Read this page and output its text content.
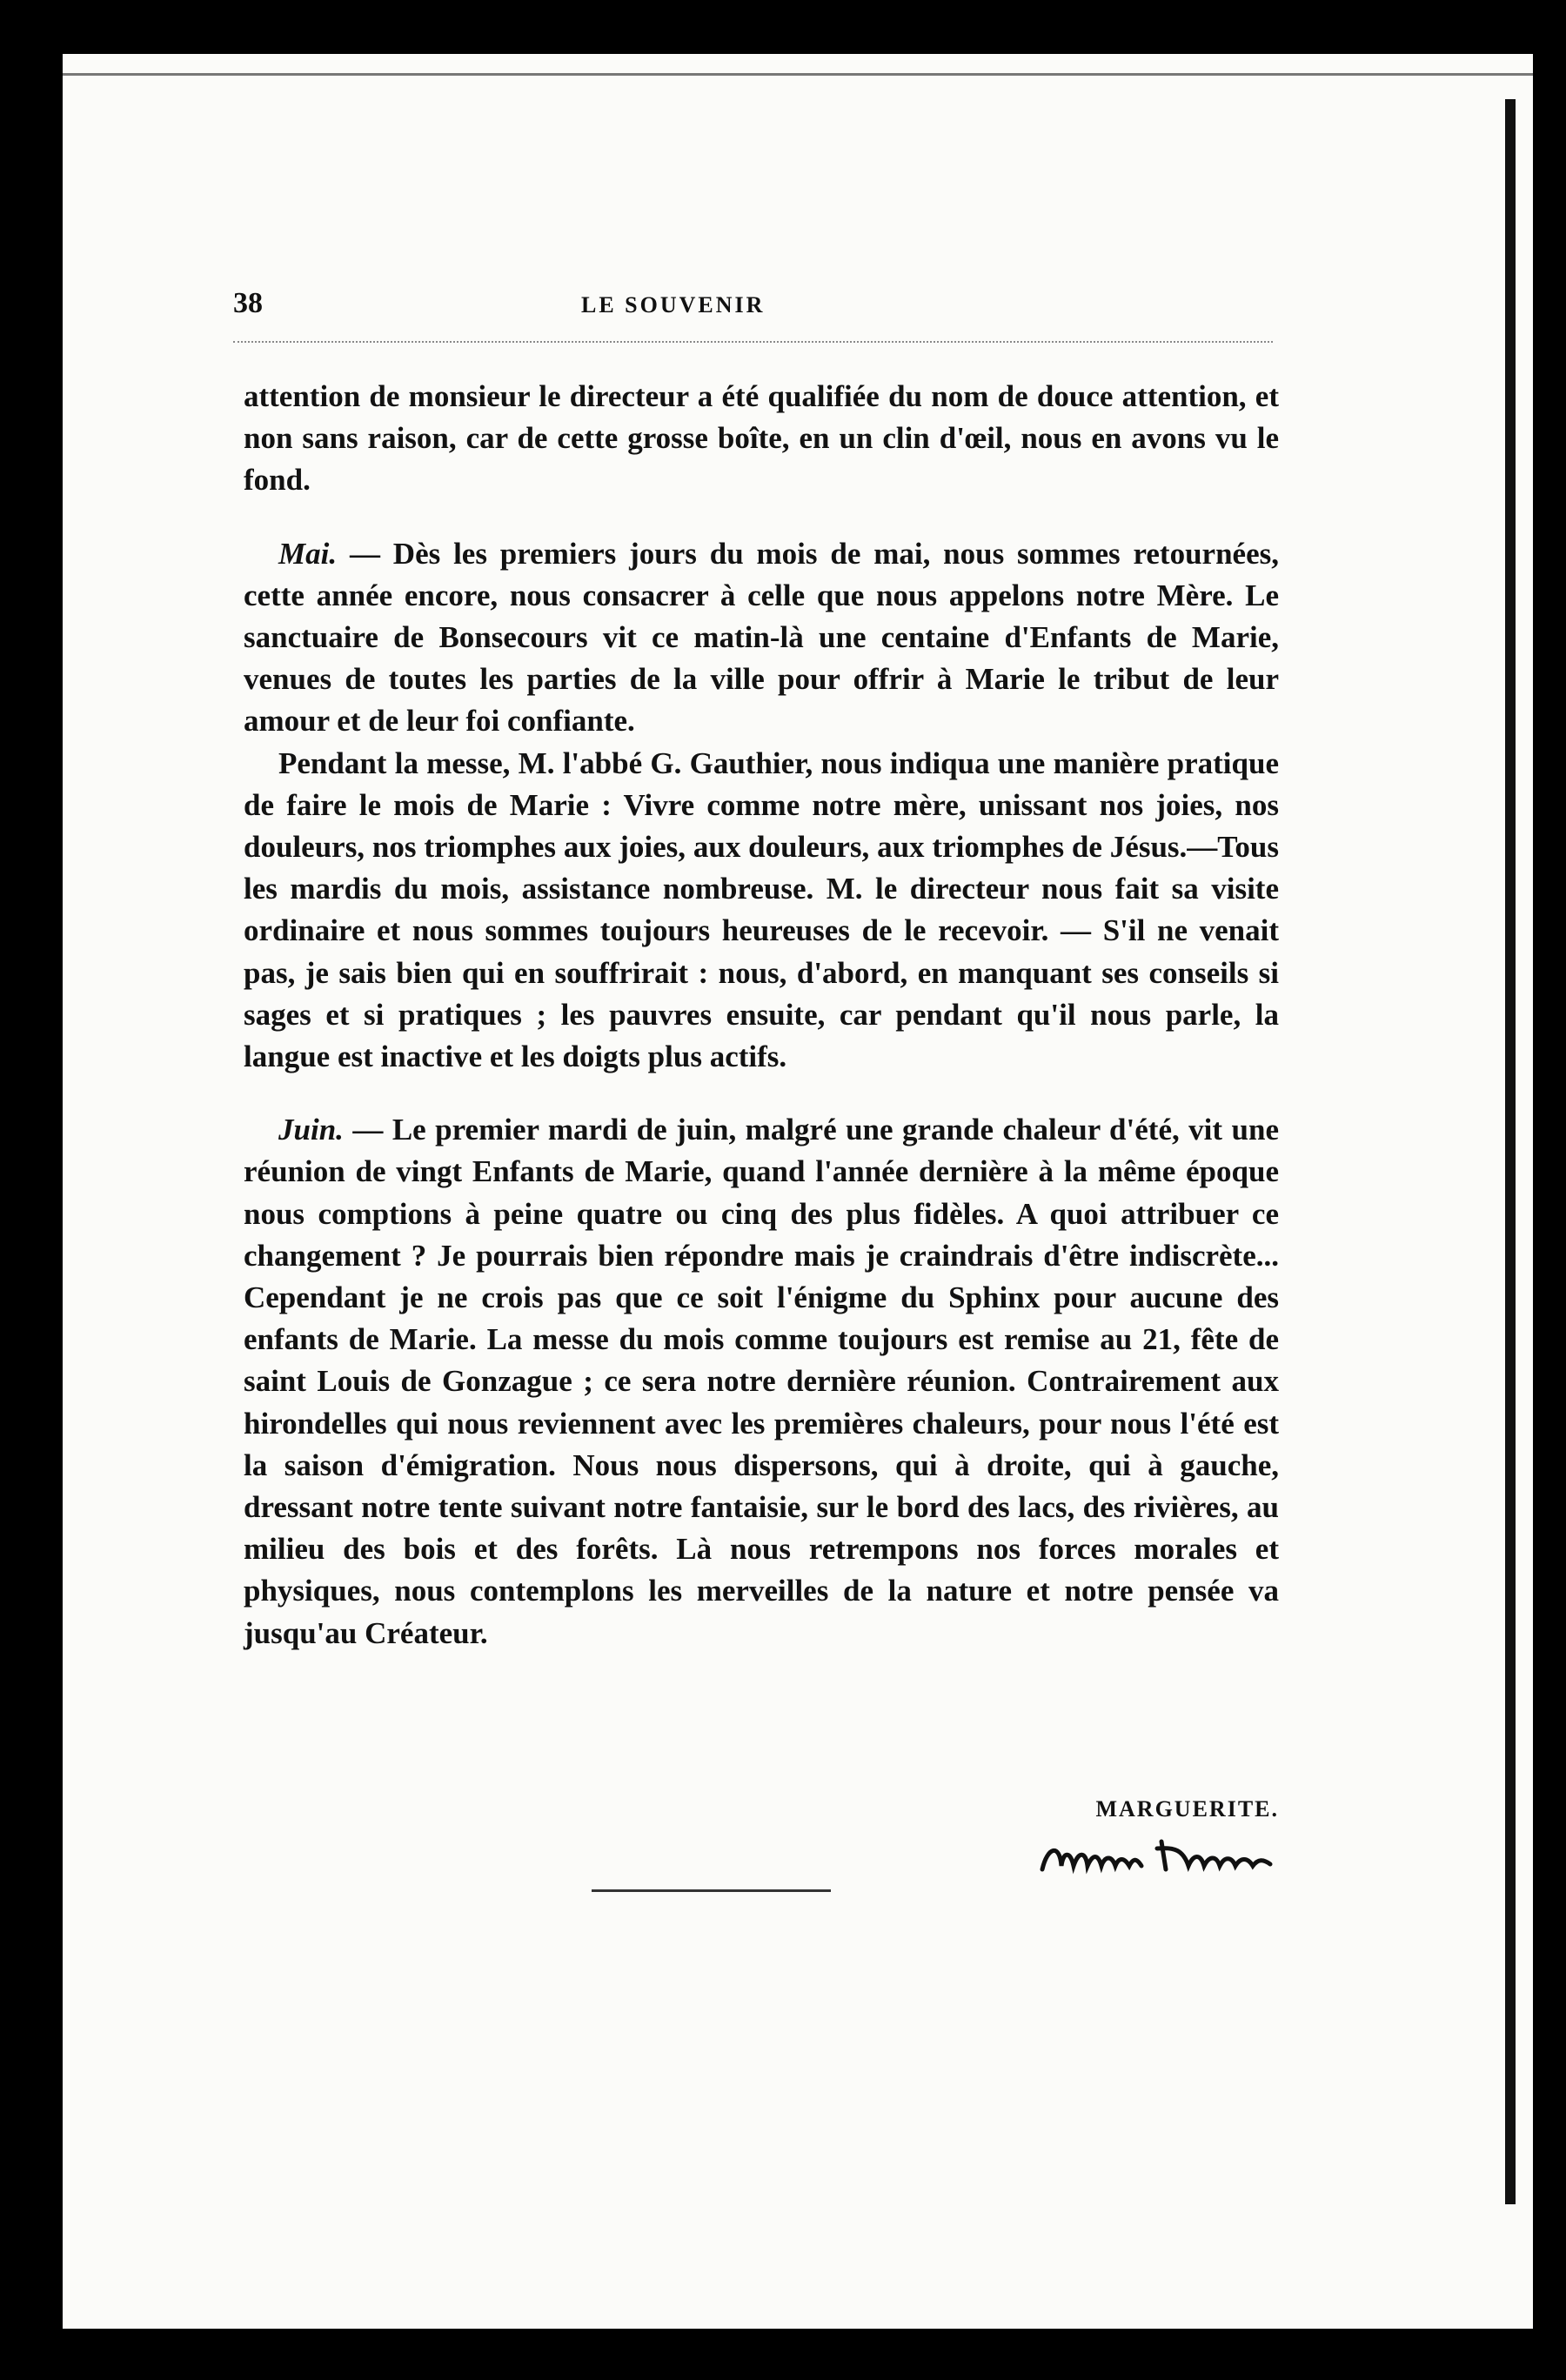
38	LE SOUVENIR

attention de monsieur le directeur a été qualifiée du nom de douce attention, et non sans raison, car de cette grosse boîte, en un clin d'œil, nous en avons vu le fond.

Mai. — Dès les premiers jours du mois de mai, nous sommes retournées, cette année encore, nous consacrer à celle que nous appelons notre Mère. Le sanctuaire de Bonsecours vit ce matin-là une centaine d'Enfants de Marie, venues de toutes les parties de la ville pour offrir à Marie le tribut de leur amour et de leur foi confiante.

Pendant la messe, M. l'abbé G. Gauthier, nous indiqua une manière pratique de faire le mois de Marie : Vivre comme notre mère, unissant nos joies, nos douleurs, nos triomphes aux joies, aux douleurs, aux triomphes de Jésus.—Tous les mardis du mois, assistance nombreuse. M. le directeur nous fait sa visite ordinaire et nous sommes toujours heureuses de le recevoir. — S'il ne venait pas, je sais bien qui en souffrirait : nous, d'abord, en manquant ses conseils si sages et si pratiques ; les pauvres ensuite, car pendant qu'il nous parle, la langue est inactive et les doigts plus actifs.

Juin. — Le premier mardi de juin, malgré une grande chaleur d'été, vit une réunion de vingt Enfants de Marie, quand l'année dernière à la même époque nous comptions à peine quatre ou cinq des plus fidèles. A quoi attribuer ce changement ? Je pourrais bien répondre mais je craindrais d'être indiscrète... Cependant je ne crois pas que ce soit l'énigme du Sphinx pour aucune des enfants de Marie. La messe du mois comme toujours est remise au 21, fête de saint Louis de Gonzague ; ce sera notre dernière réunion. Contrairement aux hirondelles qui nous reviennent avec les premières chaleurs, pour nous l'été est la saison d'émigration. Nous nous dispersons, qui à droite, qui à gauche, dressant notre tente suivant notre fantaisie, sur le bord des lacs, des rivières, au milieu des bois et des forêts. Là nous retrempons nos forces morales et physiques, nous contemplons les merveilles de la nature et notre pensée va jusqu'au Créateur.

MARGUERITE.
